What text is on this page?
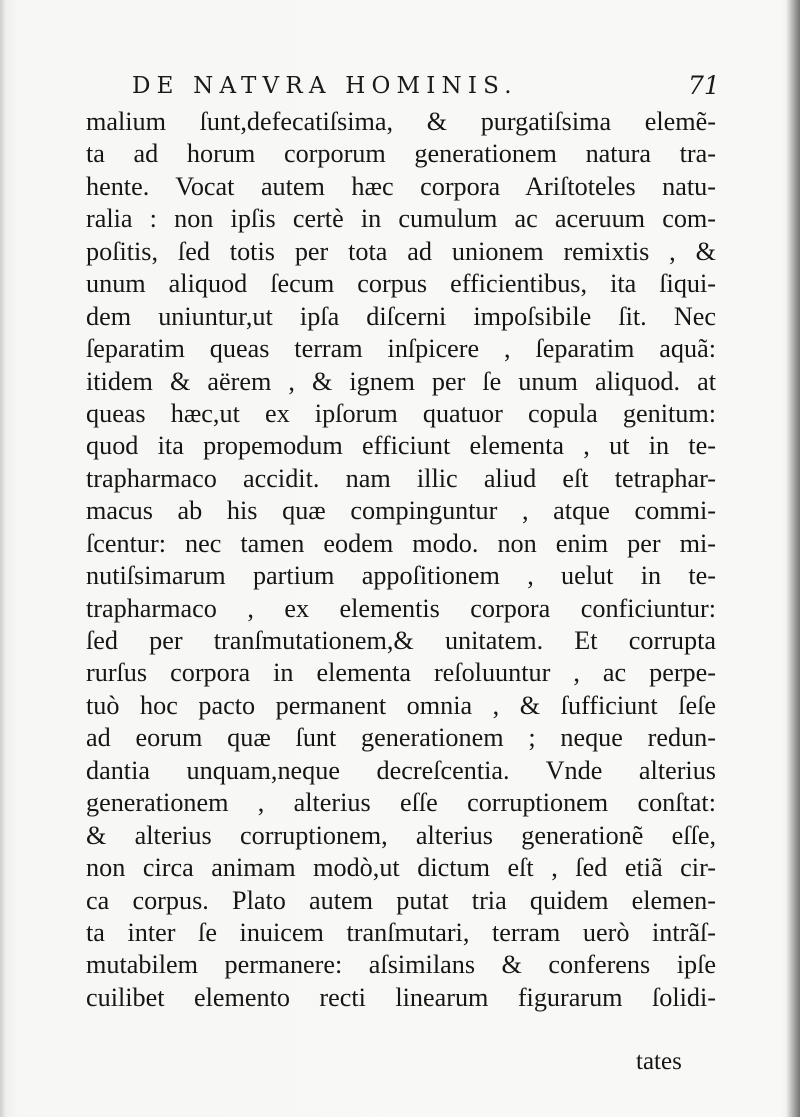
DE NATVRA HOMINIS.	71
malium ſunt,defecatiſsima, & purgatiſsima elemẽ-
ta ad horum corporum generationem natura tra-
hente. Vocat autem hæc corpora Ariſtoteles natu-
ralia : non ipſis certè in cumulum ac aceruum com-
poſitis, ſed totis per tota ad unionem remixtis , &
unum aliquod ſecum corpus efficientibus, ita ſiqui-
dem uniuntur,ut ipſa diſcerni impoſsibile ſit. Nec
ſeparatim queas terram inſpicere , ſeparatim aquã:
itidem & aërem , & ignem per ſe unum aliquod. at
queas hæc,ut ex ipſorum quatuor copula genitum:
quod ita propemodum efficiunt elementa , ut in te-
trapharmaco accidit. nam illic aliud eſt tetraphar-
macus ab his quæ compinguntur , atque commi-
ſcentur: nec tamen eodem modo. non enim per mi-
nutiſsimarum partium appoſitionem , uelut in te-
trapharmaco , ex elementis corpora conficiuntur:
ſed per tranſmutationem,& unitatem. Et corrupta
rurſus corpora in elementa reſoluuntur , ac perpe-
tuò hoc pacto permanent omnia , & ſufficiunt ſeſe
ad eorum quæ ſunt generationem ; neque redun-
dantia unquam,neque decreſcentia. Vnde alterius
generationem , alterius eſſe corruptionem conſtat:
& alterius corruptionem, alterius generationẽ eſſe,
non circa animam modò,ut dictum eſt , ſed etiã cir-
ca corpus. Plato autem putat tria quidem elemen-
ta inter ſe inuicem tranſmutari, terram uerò intrãſ-
mutabilem permanere: aſsimilans & conferens ipſe
cuilibet elemento recti linearum figurarum ſolidi-
tates
